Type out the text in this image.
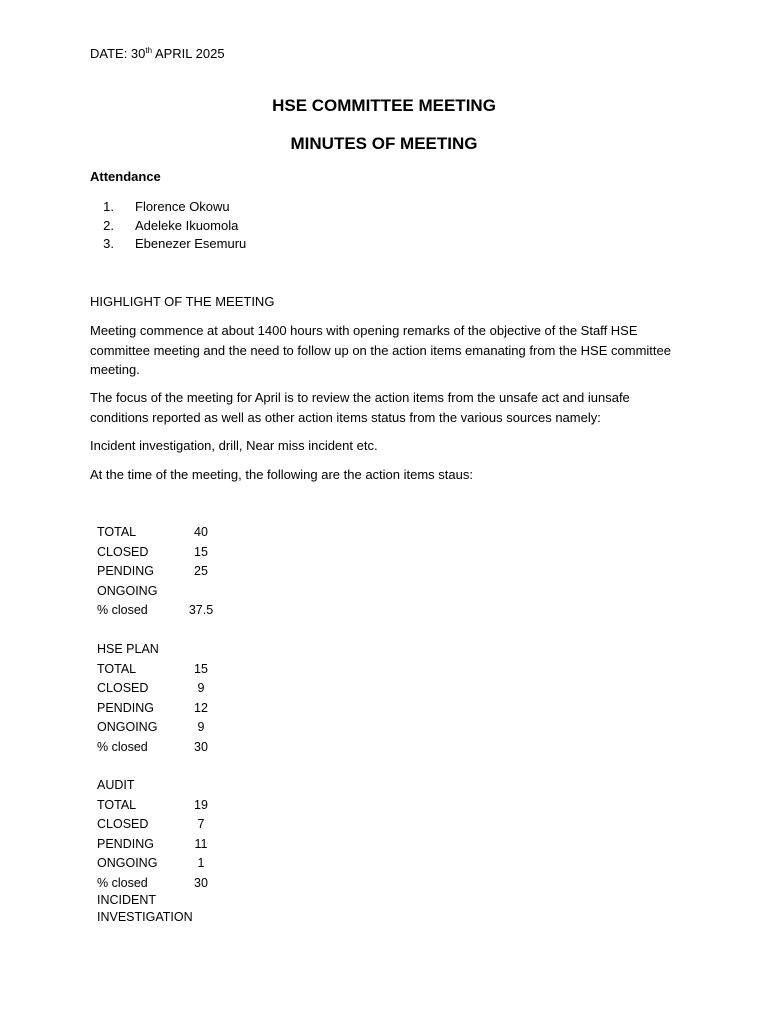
DATE: 30th APRIL 2025
HSE COMMITTEE MEETING
MINUTES OF MEETING
Attendance
1. Florence Okowu
2. Adeleke Ikuomola
3. Ebenezer Esemuru
HIGHLIGHT OF THE MEETING
Meeting commence at about 1400 hours with opening remarks of the objective of the Staff HSE committee meeting and the need to follow up on the action items emanating from the HSE committee meeting.
The focus of the meeting for April is to review the action items from the unsafe act and iunsafe conditions reported as well as other action items status from the various sources namely:
Incident investigation, drill, Near miss incident etc.
At the time of the meeting, the following are the action items staus:
TOTAL	40
CLOSED	15
PENDING	25
ONGOING
% closed	37.5
HSE PLAN
TOTAL	15
CLOSED	9
PENDING	12
ONGOING	9
% closed	30
AUDIT
TOTAL	19
CLOSED	7
PENDING	11
ONGOING	1
% closed	30
INCIDENT INVESTIGATION
